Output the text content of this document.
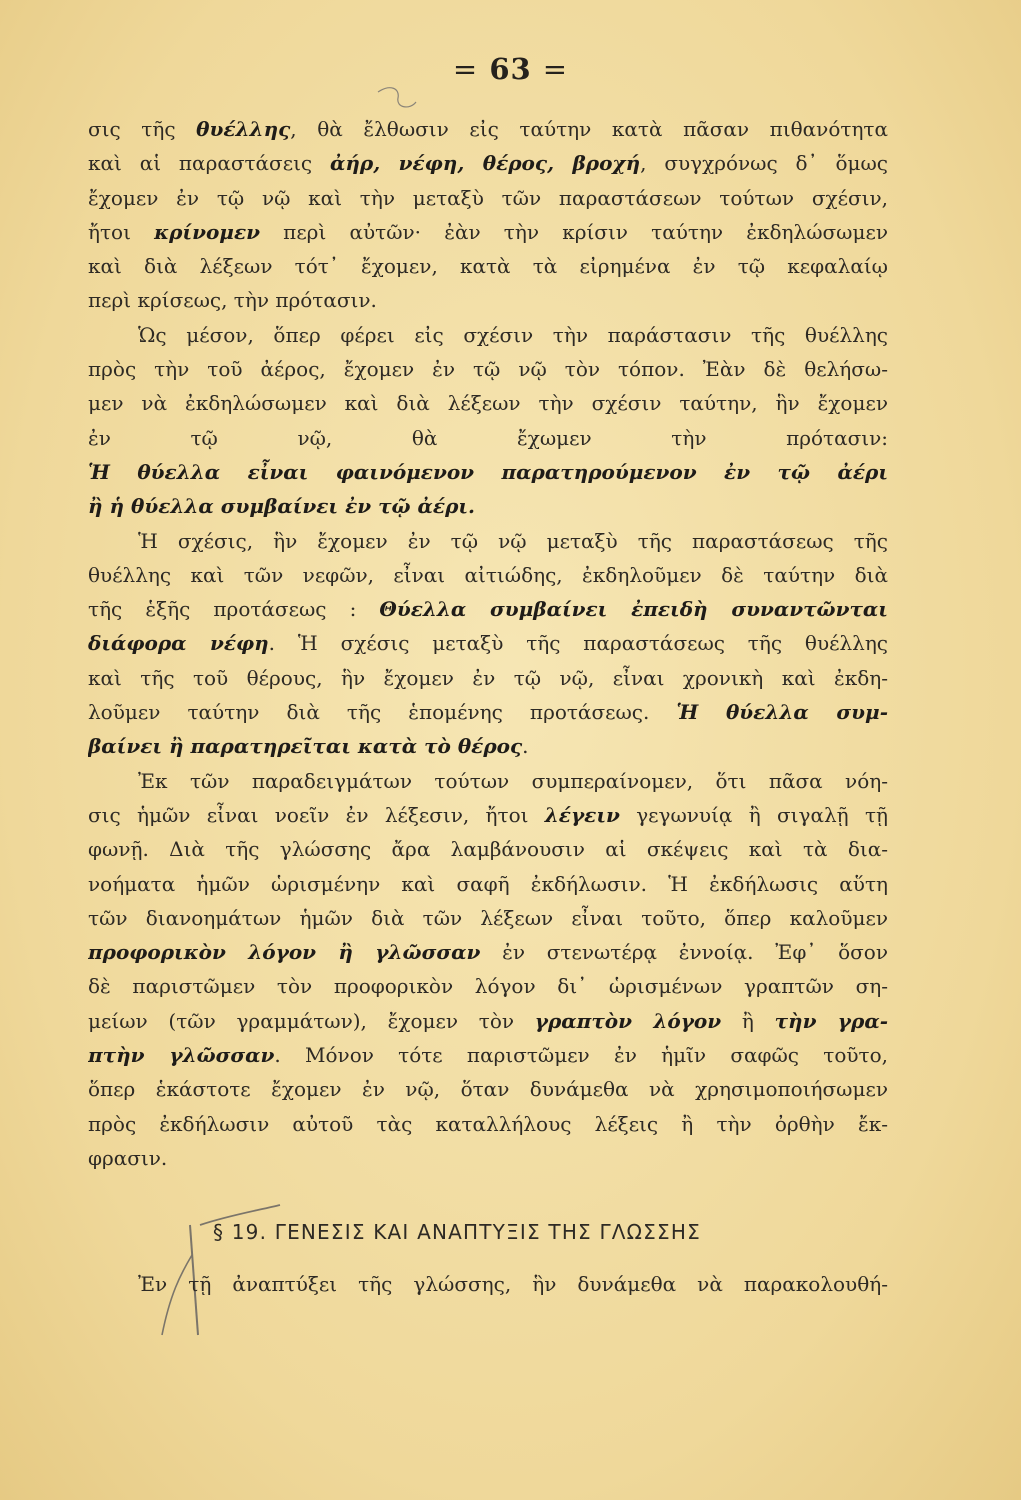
= 63 =
σις τῆς θυέλλης, θὰ ἔλθωσιν εἰς ταύτην κατὰ πᾶσαν πιθανότητα
καὶ αἱ παραστάσεις ἀήρ, νέφη, θέρος, βροχή, συγχρόνως δ᾽ ὅμως
ἔχομεν ἐν τῷ νῷ καὶ τὴν μεταξὺ τῶν παραστάσεων τούτων σχέσιν,
ἤτοι κρίνομεν περὶ αὐτῶν· ἐὰν τὴν κρίσιν ταύτην ἐκδηλώσωμεν
καὶ διὰ λέξεων τότ᾽ ἔχομεν, κατὰ τὰ εἰρημένα ἐν τῷ κεφαλαίῳ
περὶ κρίσεως, τὴν πρότασιν.
Ὡς μέσον, ὅπερ φέρει εἰς σχέσιν τὴν παράστασιν τῆς θυέλλης
πρὸς τὴν τοῦ ἀέρος, ἔχομεν ἐν τῷ νῷ τὸν τόπον. Ἐὰν δὲ θελήσω-
μεν νὰ ἐκδηλώσωμεν καὶ διὰ λέξεων τὴν σχέσιν ταύτην, ἣν ἔχομεν
ἐν τῷ νῷ, θὰ ἔχωμεν τὴν πρότασιν:
Ἡ θύελλα εἶναι φαινόμενον παρατηρούμενον ἐν τῷ ἀέρι
ἢ ἡ θύελλα συμβαίνει ἐν τῷ ἀέρι.
Ἡ σχέσις, ἣν ἔχομεν ἐν τῷ νῷ μεταξὺ τῆς παραστάσεως τῆς
θυέλλης καὶ τῶν νεφῶν, εἶναι αἰτιώδης, ἐκδηλοῦμεν δὲ ταύτην διὰ
τῆς ἑξῆς προτάσεως : Θύελλα συμβαίνει ἐπειδὴ συναντῶνται
διάφορα νέφη. Ἡ σχέσις μεταξὺ τῆς παραστάσεως τῆς θυέλλης
καὶ τῆς τοῦ θέρους, ἣν ἔχομεν ἐν τῷ νῷ, εἶναι χρονικὴ καὶ ἐκδη-
λοῦμεν ταύτην διὰ τῆς ἑπομένης προτάσεως. Ἡ θύελλα συμ-
βαίνει ἢ παρατηρεῖται κατὰ τὸ θέρος.
Ἐκ τῶν παραδειγμάτων τούτων συμπεραίνομεν, ὅτι πᾶσα νόη-
σις ἡμῶν εἶναι νοεῖν ἐν λέξεσιν, ἤτοι λέγειν γεγωνυίᾳ ἢ σιγαλῇ τῇ
φωνῇ. Διὰ τῆς γλώσσης ἄρα λαμβάνουσιν αἱ σκέψεις καὶ τὰ δια-
νοήματα ἡμῶν ὡρισμένην καὶ σαφῆ ἐκδήλωσιν. Ἡ ἐκδήλωσις αὕτη
τῶν διανοημάτων ἡμῶν διὰ τῶν λέξεων εἶναι τοῦτο, ὅπερ καλοῦμεν
προφορικὸν λόγον ἢ γλῶσσαν ἐν στενωτέρᾳ ἐννοίᾳ. Ἐφ᾽ ὅσον
δὲ παριστῶμεν τὸν προφορικὸν λόγον δι᾽ ὡρισμένων γραπτῶν ση-
μείων (τῶν γραμμάτων), ἔχομεν τὸν γραπτὸν λόγον ἢ τὴν γρα-
πτὴν γλῶσσαν. Μόνον τότε παριστῶμεν ἐν ἡμῖν σαφῶς τοῦτο,
ὅπερ ἑκάστοτε ἔχομεν ἐν νῷ, ὅταν δυνάμεθα νὰ χρησιμοποιήσωμεν
πρὸς ἐκδήλωσιν αὐτοῦ τὰς καταλλήλους λέξεις ἢ τὴν ὀρθὴν ἔκ-
φρασιν.
§ 19. ΓΕΝΕΣΙΣ ΚΑΙ ΑΝΑΠΤΥΞΙΣ ΤΗΣ ΓΛΩΣΣΗΣ
Ἐν τῇ ἀναπτύξει τῆς γλώσσης, ἣν δυνάμεθα νὰ παρακολουθή-
